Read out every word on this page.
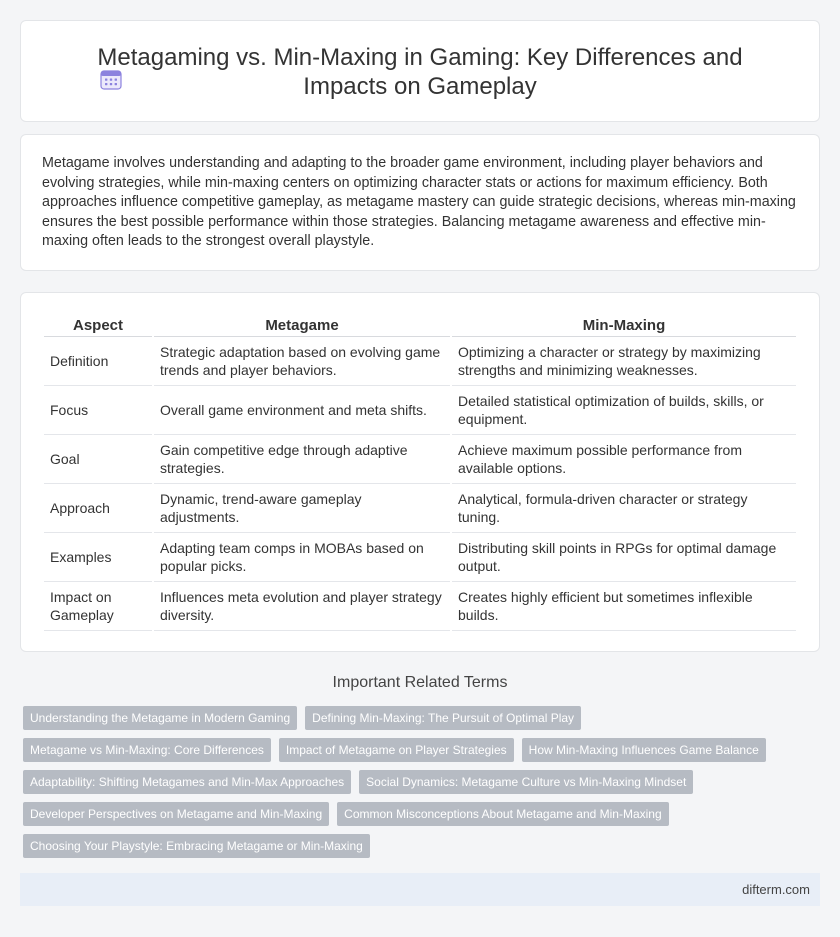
Metagaming vs. Min-Maxing in Gaming: Key Differences and Impacts on Gameplay

Metagame involves understanding and adapting to the broader game environment, including player behaviors and evolving strategies, while min-maxing centers on optimizing character stats or actions for maximum efficiency. Both approaches influence competitive gameplay, as metagame mastery can guide strategic decisions, whereas min-maxing ensures the best possible performance within those strategies. Balancing metagame awareness and effective min-maxing often leads to the strongest overall playstyle.

Aspect	Metagame	Min-Maxing
Definition	Strategic adaptation based on evolving game trends and player behaviors.	Optimizing a character or strategy by maximizing strengths and minimizing weaknesses.
Focus	Overall game environment and meta shifts.	Detailed statistical optimization of builds, skills, or equipment.
Goal	Gain competitive edge through adaptive strategies.	Achieve maximum possible performance from available options.
Approach	Dynamic, trend-aware gameplay adjustments.	Analytical, formula-driven character or strategy tuning.
Examples	Adapting team comps in MOBAs based on popular picks.	Distributing skill points in RPGs for optimal damage output.
Impact on Gameplay	Influences meta evolution and player strategy diversity.	Creates highly efficient but sometimes inflexible builds.
Important Related Terms
Understanding the Metagame in Modern Gaming	Defining Min-Maxing: The Pursuit of Optimal Play
Metagame vs Min-Maxing: Core Differences	Impact of Metagame on Player Strategies	How Min-Maxing Influences Game Balance
Adaptability: Shifting Metagames and Min-Max Approaches	Social Dynamics: Metagame Culture vs Min-Maxing Mindset
Developer Perspectives on Metagame and Min-Maxing	Common Misconceptions About Metagame and Min-Maxing
Choosing Your Playstyle: Embracing Metagame or Min-Maxing
difterm.com
